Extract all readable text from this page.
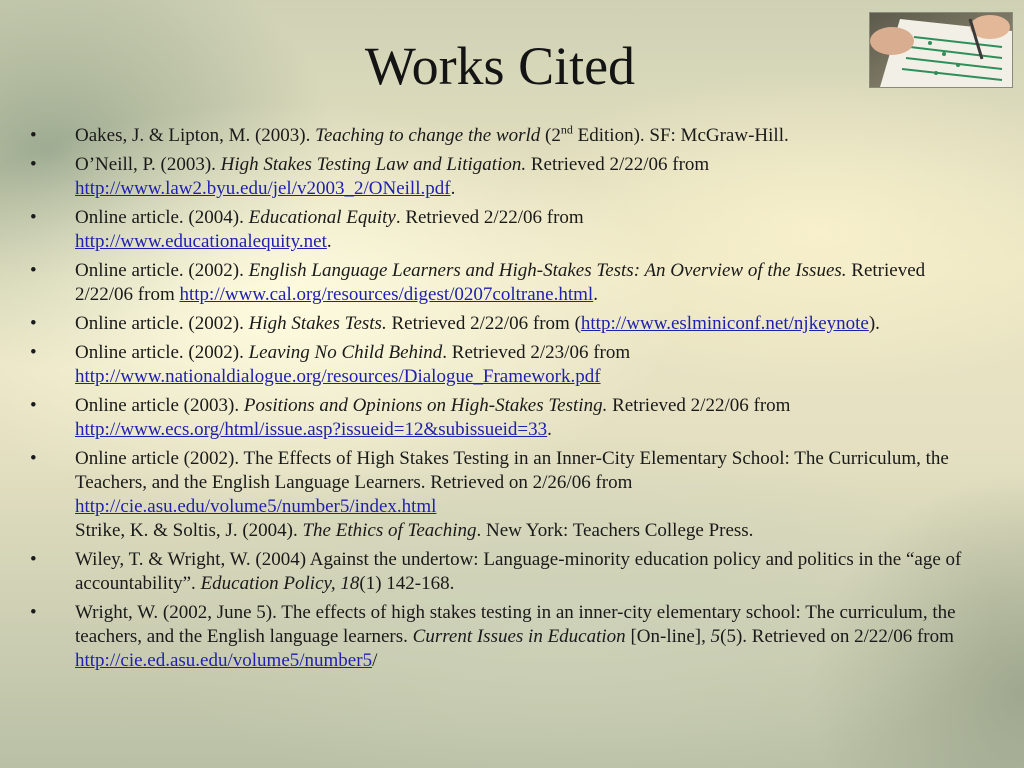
Works Cited
• Oakes, J. & Lipton, M. (2003). Teaching to change the world (2nd Edition). SF: McGraw-Hill.
• O’Neill, P. (2003). High Stakes Testing Law and Litigation. Retrieved 2/22/06 from
http://www.law2.byu.edu/jel/v2003_2/ONeill.pdf.
• Online article. (2004). Educational Equity. Retrieved 2/22/06 from
http://www.educationalequity.net.
• Online article. (2002). English Language Learners and High-Stakes Tests: An Overview of the Issues. Retrieved 2/22/06 from http://www.cal.org/resources/digest/0207coltrane.html.
• Online article. (2002). High Stakes Tests. Retrieved 2/22/06 from (http://www.eslminiconf.net/njkeynote).
• Online article. (2002). Leaving No Child Behind. Retrieved 2/23/06 from
http://www.nationaldialogue.org/resources/Dialogue_Framework.pdf
• Online article (2003). Positions and Opinions on High-Stakes Testing. Retrieved 2/22/06 from
http://www.ecs.org/html/issue.asp?issueid=12&subissueid=33.
• Online article (2002). The Effects of High Stakes Testing in an Inner-City Elementary School: The Curriculum, the Teachers, and the English Language Learners. Retrieved on 2/26/06 from
http://cie.asu.edu/volume5/number5/index.html
Strike, K. & Soltis, J. (2004). The Ethics of Teaching. New York: Teachers College Press.
• Wiley, T. & Wright, W. (2004) Against the undertow: Language-minority education policy and politics in the “age of accountability”. Education Policy, 18(1) 142-168.
• Wright, W. (2002, June 5). The effects of high stakes testing in an inner-city elementary school: The curriculum, the teachers, and the English language learners. Current Issues in Education [On-line], 5(5). Retrieved on 2/22/06 from http://cie.ed.asu.edu/volume5/number5/
